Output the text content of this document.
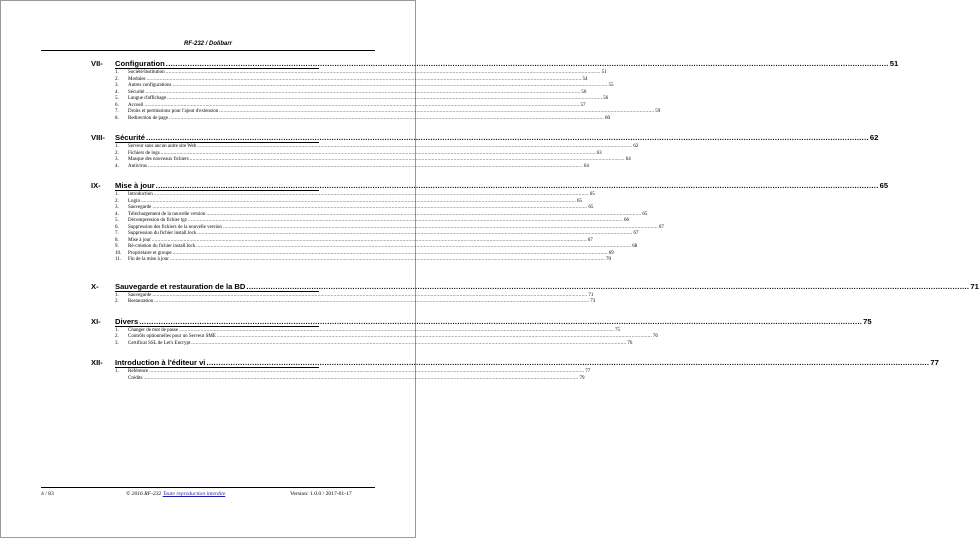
RF-232 / Dolibarr
VII- Configuration ............................................................................................................................................................................................................................................................................................................ 51
1. Société/Institution ............................................................................................................................................................................................................................................................................................................ 51
2. Modules ............................................................................................................................................................................................................................................................................................................ 54
3. Autres configurations ............................................................................................................................................................................................................................................................................................................ 55
4. Sécurité ............................................................................................................................................................................................................................................................................................................ 56
5. Langue d'affichage ............................................................................................................................................................................................................................................................................................................ 56
6. Accueil ............................................................................................................................................................................................................................................................................................................ 57
7. Droits et permissions pour l'ajout d'extension ............................................................................................................................................................................................................................................................................................................ 59
8. Redirection de page ............................................................................................................................................................................................................................................................................................................ 60
VIII- Sécurité ............................................................................................................................................................................................................................................................................................................ 62
1. Serveur sans aucun autre site Web ............................................................................................................................................................................................................................................................................................................ 62
2. Fichiers de logs ............................................................................................................................................................................................................................................................................................................ 63
3. Masque des nouveaux fichiers ............................................................................................................................................................................................................................................................................................................ 64
4. Antivirus ............................................................................................................................................................................................................................................................................................................ 64
IX- Mise à jour ............................................................................................................................................................................................................................................................................................................ 65
1. Introduction ............................................................................................................................................................................................................................................................................................................ 65
2. Login ............................................................................................................................................................................................................................................................................................................ 65
3. Sauvegarde ............................................................................................................................................................................................................................................................................................................ 65
4. Téléchargement de la nouvelle version ............................................................................................................................................................................................................................................................................................................ 65
5. Décompression du fichier tgz ............................................................................................................................................................................................................................................................................................................ 66
6. Suppression des fichiers de la nouvelle version ............................................................................................................................................................................................................................................................................................................ 67
7. Suppression du fichier install.lock ............................................................................................................................................................................................................................................................................................................ 67
8. Mise à jour ............................................................................................................................................................................................................................................................................................................ 67
9. Ré-création du fichier install.lock ............................................................................................................................................................................................................................................................................................................ 68
10. Propriétaire et groupe ............................................................................................................................................................................................................................................................................................................ 69
11. Fin de la mise à jour ............................................................................................................................................................................................................................................................................................................ 70
X- Sauvegarde et restauration de la BD ............................................................................................................................................................................................................................................................................................................ 71
1. Sauvegarde ............................................................................................................................................................................................................................................................................................................ 71
2. Restauration ............................................................................................................................................................................................................................................................................................................ 73
XI- Divers ............................................................................................................................................................................................................................................................................................................ 75
1. Changer de mot de passe ............................................................................................................................................................................................................................................................................................................ 75
2. Contrôls optionnelles pour un Serveur SME ............................................................................................................................................................................................................................................................................................................ 76
3. Certificat SSL de Let's Encrypt ............................................................................................................................................................................................................................................................................................................ 76
XII- Introduction à l'éditeur vi ............................................................................................................................................................................................................................................................................................................ 77
1. Référence ............................................................................................................................................................................................................................................................................................................ 77
Crédits ............................................................................................................................................................................................................................................................................................................ 79
4 / 83	© 2016 RF-232 Toute reproduction interdite	Version: 1.0.0 / 2017-01-17
